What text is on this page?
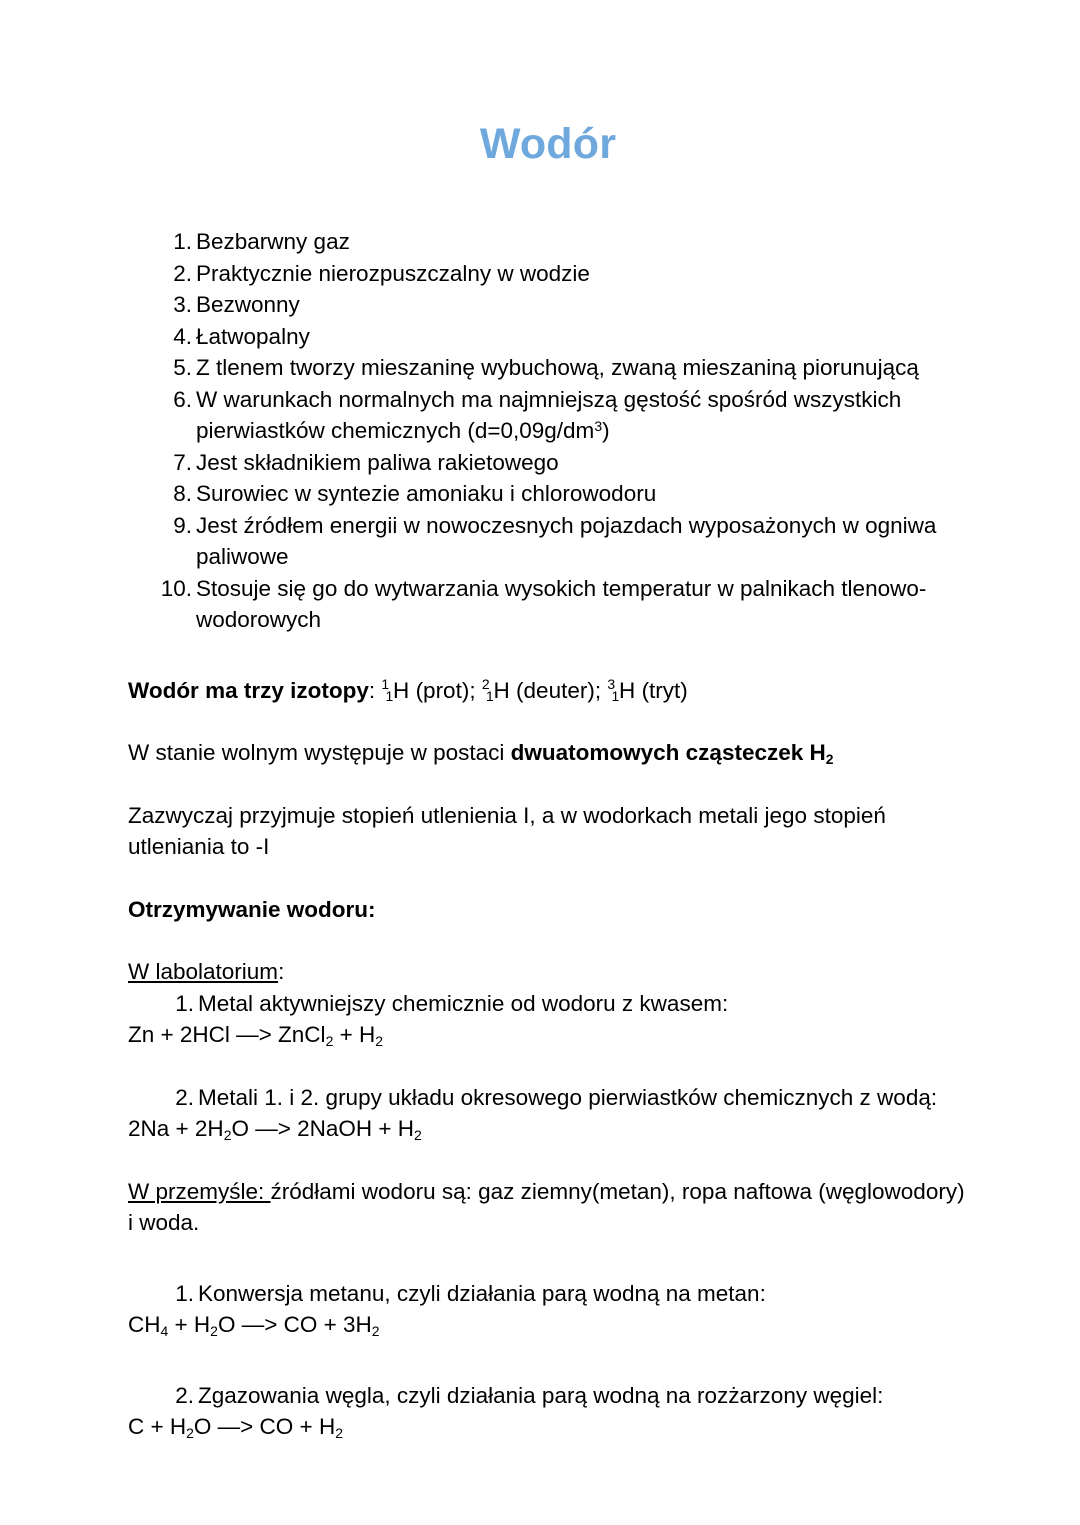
Wodór
1. Bezbarwny gaz
2. Praktycznie nierozpuszczalny w wodzie
3. Bezwonny
4. Łatwopalny
5. Z tlenem tworzy mieszaninę wybuchową, zwaną mieszaniną piorunującą
6. W warunkach normalnych ma najmniejszą gęstość spośród wszystkich pierwiastków chemicznych $(d=0,09g/dm^3)$
7. Jest składnikiem paliwa rakietowego
8. Surowiec w syntezie amoniaku i chlorowodoru
9. Jest źródłem energii w nowoczesnych pojazdach wyposażonych w ogniwa paliwowe
10. Stosuje się go do wytwarzania wysokich temperatur w palnikach tlenowo-wodorowych

Wodór ma trzy izotopy: 1
1 H (prot); 2
1 H (deuter); 3
1 H (tryt)

W stanie wolnym występuje w postaci dwuatomowych cząsteczek $H_2$

Zazwyczaj przyjmuje stopień utlenienia I, a w wodorkach metali jego stopień utleniania to -I

Otrzymywanie wodoru:

W labolatorium:

1. Metal aktywniejszy chemicznie od wodoru z kwasem:

Zn + 2HCl —> ZnCl$_2$ + $H_2$

2. Metali 1. i 2. grupy układu okresowego pierwiastków chemicznych z wodą:

$2Na + 2H_2O$ —> 2NaOH + $H_2$

W przemyśle: źródłami wodoru są: gaz ziemny(metan), ropa naftowa (węglowodory) i woda.

1. Konwersja metanu, czyli działania parą wodną na metan:

$CH_4 + H_2O$ —> CO + $3H_2$

2. Zgazowania węgla, czyli działania parą wodną na rozżarzony węgiel:

$C + H_2O$ —> CO + $H_2$
